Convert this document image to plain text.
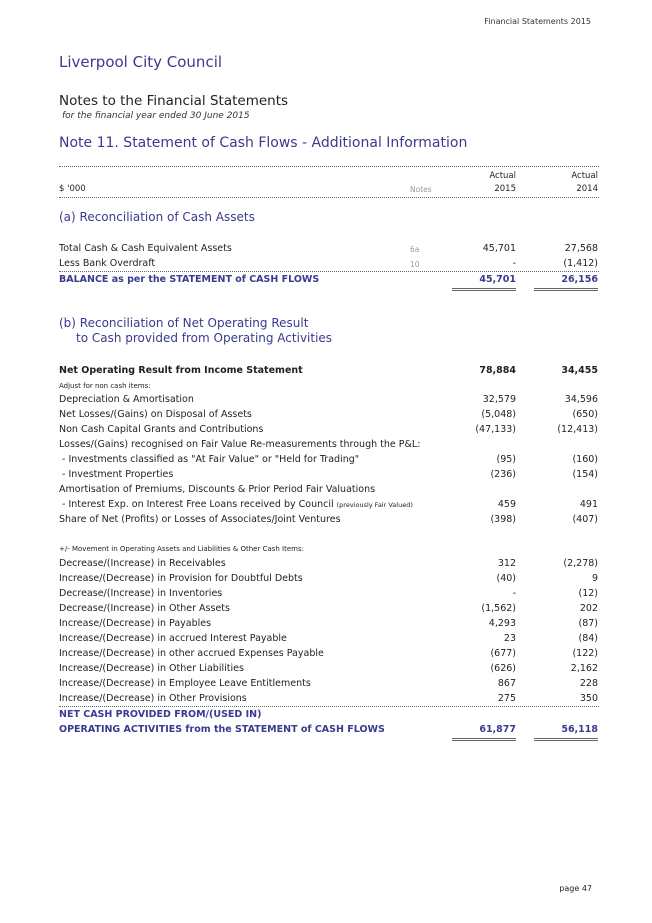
Financial Statements 2015
Liverpool City Council
Notes to the Financial Statements
for the financial year ended 30 June 2015
Note 11. Statement of Cash Flows - Additional Information
Actual	Actual
$ '000	Notes	2015	2014
(a) Reconciliation of Cash Assets
Total Cash & Cash Equivalent Assets	6a	45,701	27,568
Less Bank Overdraft	10	-	(1,412)
BALANCE as per the STATEMENT of CASH FLOWS	45,701	26,156
(b) Reconciliation of Net Operating Result
to Cash provided from Operating Activities
Net Operating Result from Income Statement	78,884	34,455
Adjust for non cash items:
Depreciation & Amortisation	32,579	34,596
Net Losses/(Gains) on Disposal of Assets	(5,048)	(650)
Non Cash Capital Grants and Contributions	(47,133)	(12,413)
Losses/(Gains) recognised on Fair Value Re-measurements through the P&L:
- Investments classified as "At Fair Value" or "Held for Trading"	(95)	(160)
- Investment Properties	(236)	(154)
Amortisation of Premiums, Discounts & Prior Period Fair Valuations
- Interest Exp. on Interest Free Loans received by Council (previously Fair Valued)	459	491
Share of Net (Profits) or Losses of Associates/Joint Ventures	(398)	(407)
+/- Movement in Operating Assets and Liabilities & Other Cash Items:
Decrease/(Increase) in Receivables	312	(2,278)
Increase/(Decrease) in Provision for Doubtful Debts	(40)	9
Decrease/(Increase) in Inventories	-	(12)
Decrease/(Increase) in Other Assets	(1,562)	202
Increase/(Decrease) in Payables	4,293	(87)
Increase/(Decrease) in accrued Interest Payable	23	(84)
Increase/(Decrease) in other accrued Expenses Payable	(677)	(122)
Increase/(Decrease) in Other Liabilities	(626)	2,162
Increase/(Decrease) in Employee Leave Entitlements	867	228
Increase/(Decrease) in Other Provisions	275	350
NET CASH PROVIDED FROM/(USED IN)
OPERATING ACTIVITIES from the STATEMENT of CASH FLOWS	61,877	56,118
page 47
